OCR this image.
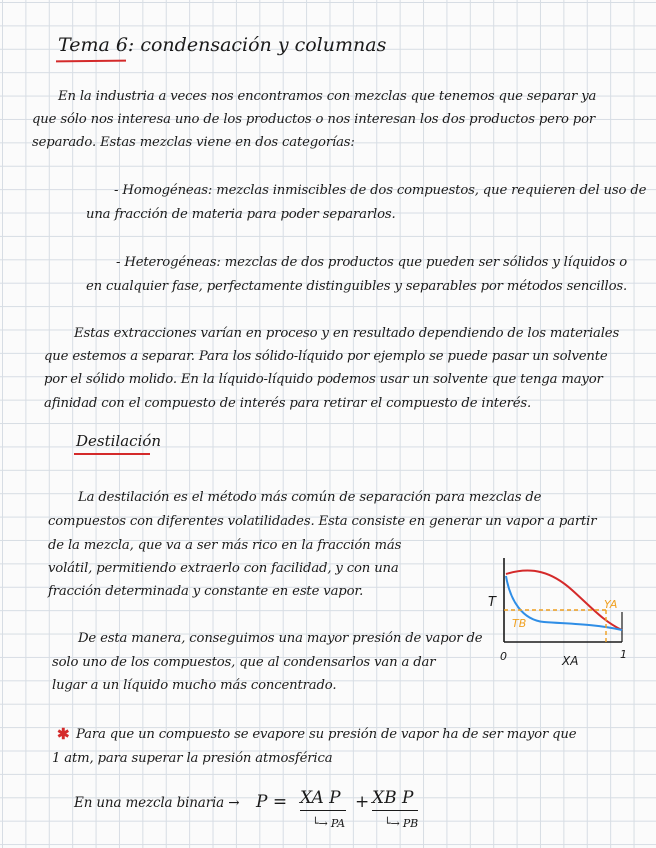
Tema 6: condensación y columnas
En la industria a veces nos encontramos con mezclas que tenemos que separar ya
que sólo nos interesa uno de los productos o nos interesan los dos productos pero por
separado. Estas mezclas viene en dos categorías:
- Homogéneas: mezclas inmiscibles de dos compuestos, que requieren del uso de
una fracción de materia para poder separarlos.
- Heterogéneas: mezclas de dos productos que pueden ser sólidos y líquidos o
en cualquier fase, perfectamente distinguibles y separables por métodos sencillos.
Estas extracciones varían en proceso y en resultado dependiendo de los materiales
que estemos a separar. Para los sólido-líquido por ejemplo se puede pasar un solvente
por el sólido molido. En la líquido-líquido podemos usar un solvente que tenga mayor
afinidad con el compuesto de interés para retirar el compuesto de interés.
Destilación
La destilación es el método más común de separación para mezclas de
compuestos con diferentes volatilidades. Esta consiste en generar un vapor a partir
de la mezcla, que va a ser más rico en la fracción más
volátil, permitiendo extraerlo con facilidad, y con una
fracción determinada y constante en este vapor.
De esta manera, conseguimos una mayor presión de vapor de
solo uno de los compuestos, que al condensarlos van a dar
lugar a un líquido mucho más concentrado.
✱ Para que un compuesto se evapore su presión de vapor ha de ser mayor que
1 atm, para superar la presión atmosférica
En una mezcla binaria → P = XA P
└→ PA
+ XB P
└→ PB
T
TB
YA
0	XA	1
